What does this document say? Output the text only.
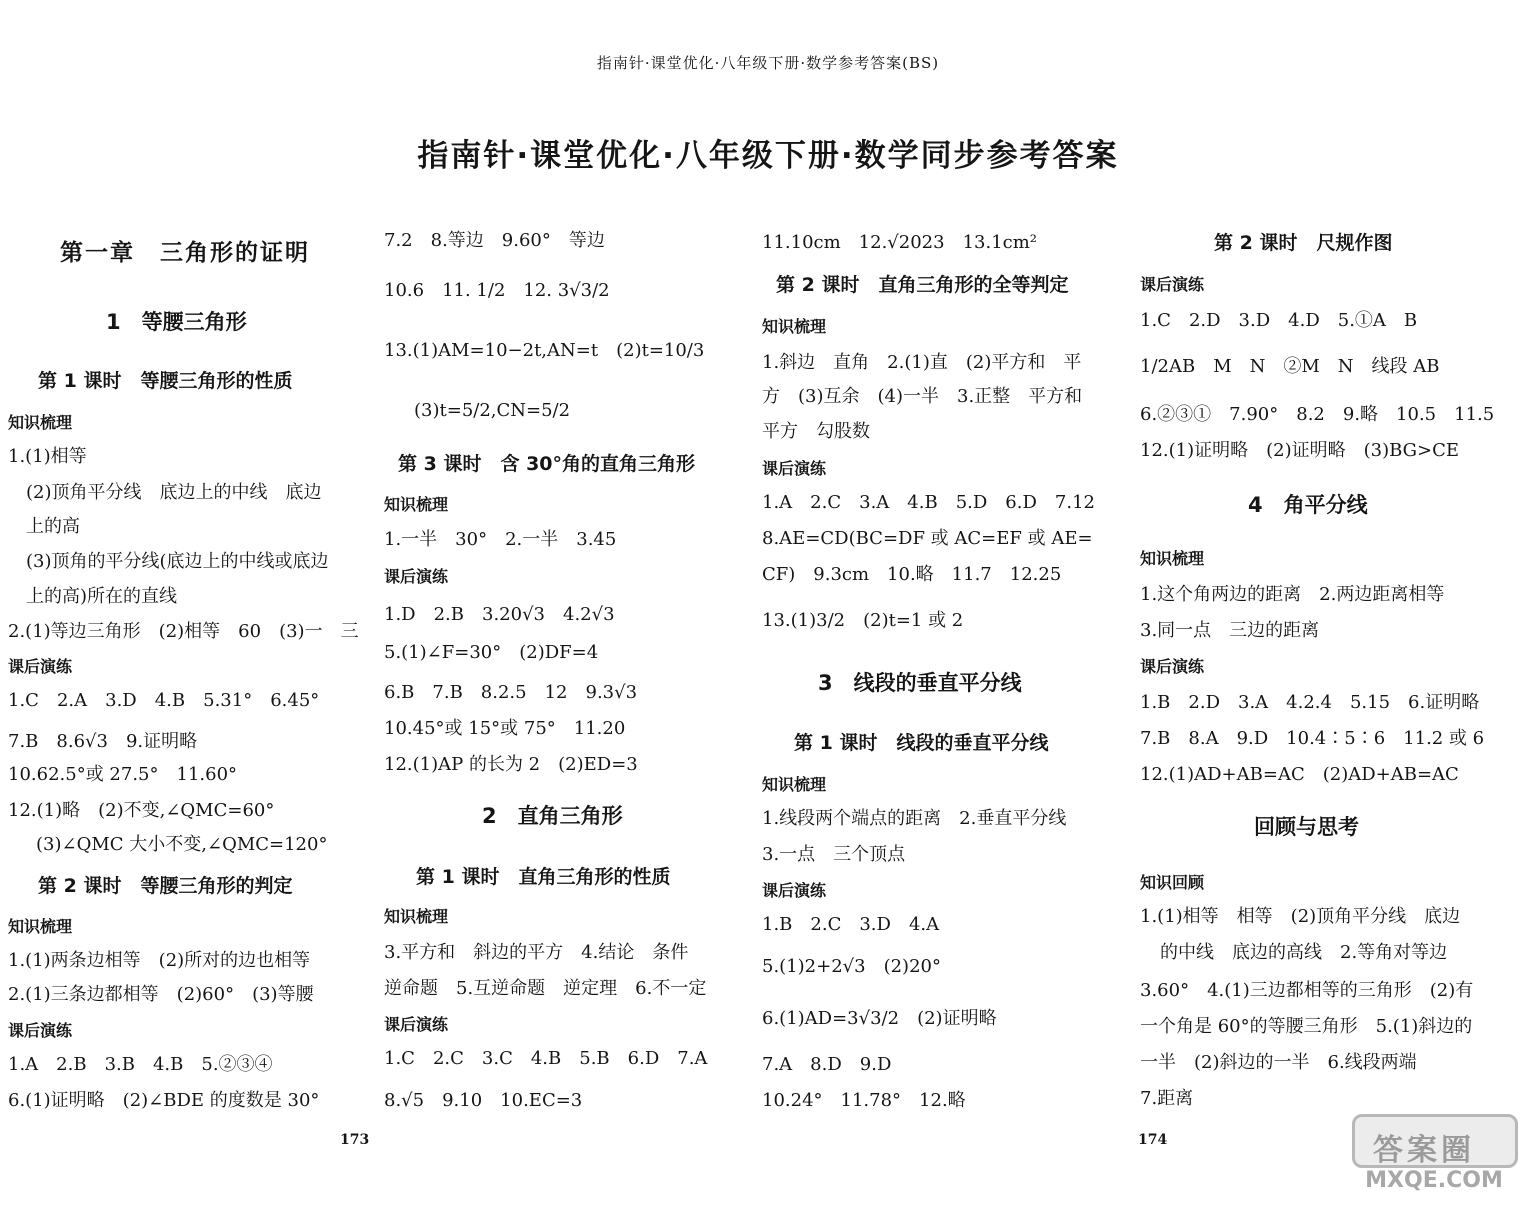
指南针·课堂优化·八年级下册·数学参考答案(BS)
指南针·课堂优化·八年级下册·数学同步参考答案
第一章　三角形的证明
1　等腰三角形
第 1 课时　等腰三角形的性质
知识梳理
1.(1)相等
(2)顶角平分线　底边上的中线　底边
上的高
(3)顶角的平分线(底边上的中线或底边
上的高)所在的直线
2.(1)等边三角形　(2)相等　60　(3)一　三
课后演练
1.C　2.A　3.D　4.B　5.31°　6.45°
7.B　8.6√3　9.证明略
10.62.5°或 27.5°　11.60°
12.(1)略　(2)不变,∠QMC=60°
(3)∠QMC 大小不变,∠QMC=120°
第 2 课时　等腰三角形的判定
知识梳理
1.(1)两条边相等　(2)所对的边也相等
2.(1)三条边都相等　(2)60°　(3)等腰
课后演练
1.A　2.B　3.B　4.B　5.②③④
6.(1)证明略　(2)∠BDE 的度数是 30°
7.2　8.等边　9.60°　等边
10.6　11. 1/2　12. 3√3/2
13.(1)AM=10−2t,AN=t　(2)t=10/3
(3)t=5/2,CN=5/2
第 3 课时　含 30°角的直角三角形
知识梳理
1.一半　30°　2.一半　3.45
课后演练
1.D　2.B　3.20√3　4.2√3
5.(1)∠F=30°　(2)DF=4
6.B　7.B　8.2.5　12　9.3√3
10.45°或 15°或 75°　11.20
12.(1)AP 的长为 2　(2)ED=3
2　直角三角形
第 1 课时　直角三角形的性质
知识梳理
3.平方和　斜边的平方　4.结论　条件
逆命题　5.互逆命题　逆定理　6.不一定
课后演练
1.C　2.C　3.C　4.B　5.B　6.D　7.A
8.√5　9.10　10.EC=3
11.10cm　12.√2023　13.1cm²
第 2 课时　直角三角形的全等判定
知识梳理
1.斜边　直角　2.(1)直　(2)平方和　平
方　(3)互余　(4)一半　3.正整　平方和
平方　勾股数
课后演练
1.A　2.C　3.A　4.B　5.D　6.D　7.12
8.AE=CD(BC=DF 或 AC=EF 或 AE=
CF)　9.3cm　10.略　11.7　12.25
13.(1)3/2　(2)t=1 或 2
3　线段的垂直平分线
第 1 课时　线段的垂直平分线
知识梳理
1.线段两个端点的距离　2.垂直平分线
3.一点　三个顶点
课后演练
1.B　2.C　3.D　4.A
5.(1)2+2√3　(2)20°
6.(1)AD=3√3/2　(2)证明略
7.A　8.D　9.D
10.24°　11.78°　12.略
第 2 课时　尺规作图
课后演练
1.C　2.D　3.D　4.D　5.①A　B
1/2AB　M　N　②M　N　线段 AB
6.②③①　7.90°　8.2　9.略　10.5　11.5
12.(1)证明略　(2)证明略　(3)BG>CE
4　角平分线
知识梳理
1.这个角两边的距离　2.两边距离相等
3.同一点　三边的距离
课后演练
1.B　2.D　3.A　4.2.4　5.15　6.证明略
7.B　8.A　9.D　10.4∶5∶6　11.2 或 6
12.(1)AD+AB=AC　(2)AD+AB=AC
回顾与思考
知识回顾
1.(1)相等　相等　(2)顶角平分线　底边
的中线　底边的高线　2.等角对等边
3.60°　4.(1)三边都相等的三角形　(2)有
一个角是 60°的等腰三角形　5.(1)斜边的
一半　(2)斜边的一半　6.线段两端
7.距离
173	174	答案圈
MXQE.COM
